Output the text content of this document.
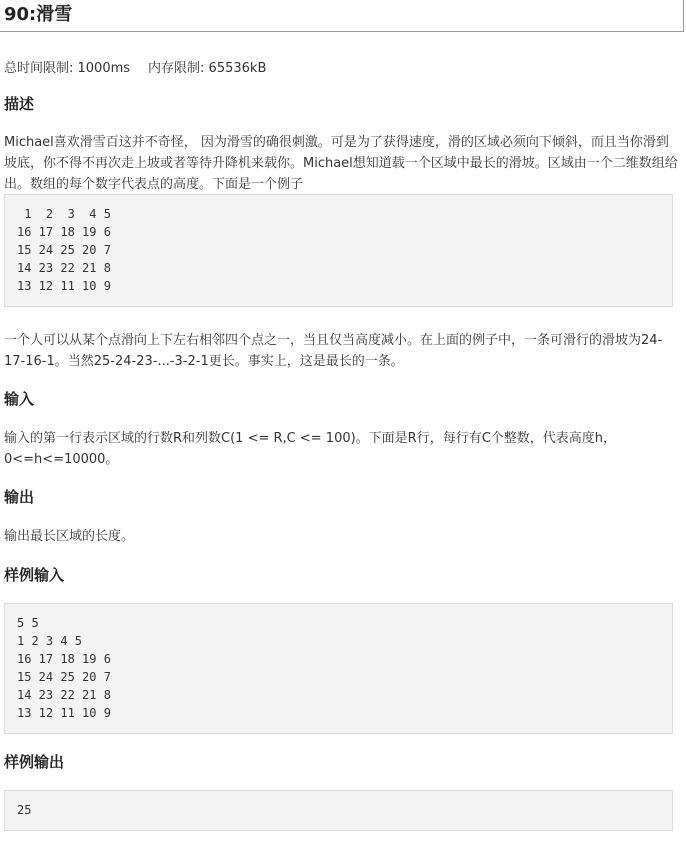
90:滑雪
总时间限制: 1000ms 内存限制: 65536kB
描述

Michael喜欢滑雪百这并不奇怪， 因为滑雪的确很刺激。可是为了获得速度，滑的区域必须向下倾斜，而且当你滑到坡底，你不得不再次走上坡或者等待升降机来载你。Michael想知道载一个区域中最长的滑坡。区域由一个二维数组给出。数组的每个数字代表点的高度。下面是一个例子

1  2  3  4 5
16 17 18 19 6
15 24 25 20 7
14 23 22 21 8
13 12 11 10 9

一个人可以从某个点滑向上下左右相邻四个点之一，当且仅当高度减小。在上面的例子中，一条可滑行的滑坡为24-17-16-1。当然25-24-23-...-3-2-1更长。事实上，这是最长的一条。

输入

输入的第一行表示区域的行数R和列数C(1 <= R,C <= 100)。下面是R行，每行有C个整数，代表高度h，0<=h<=10000。

输出

输出最长区域的长度。

样例输入
5 5
1 2 3 4 5
16 17 18 19 6
15 24 25 20 7
14 23 22 21 8
13 12 11 10 9
样例输出
25
